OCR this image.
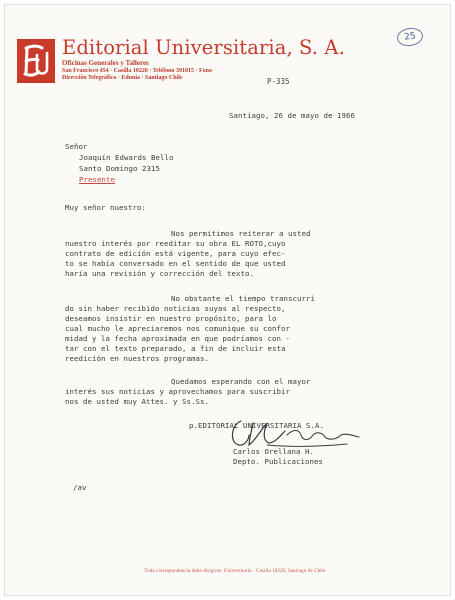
Editorial Universitaria, S. A.
Oficinas Generales y Talleres
San Francisco 454 · Casilla 10220 · Teléfono 391015 · Fono
Dirección Telegráfica · Edunia · Santiago Chile
25
P-335
Santiago, 26 de mayo de 1966
Señor
Joaquín Edwards Bello
Santo Domingo 2315
Presente
Muy señor nuestro:
Nos permitimos reiterar a usted
nuestro interés por reeditar su obra EL ROTO,cuyo
contrato de edición está vigente, para cuyo efec-
to se había conversado en el sentido de que usted
haría una revisión y corrección del texto.
No obstante el tiempo transcurri
do sin haber recibido noticias suyas al respecto,
deseamos insistir en nuestro propósito, para lo
cual mucho le apreciaremos nos comunique su confor
midad y la fecha aproximada en que podríamos con -
tar con el texto preparado, a fin de incluir esta
reedición en nuestros programas.
Quedamos esperando con el mayor
interés sus noticias y aprovechamos para suscribir
nos de usted muy Attes. y Ss.Ss.
p.EDITORIAL UNIVERSITARIA S.A.
Carlos Orellana H.
Depto. Publicaciones
/av
Toda correspondencia debe dirigirse: Universitaria · Casilla 10220, Santiago de Chile
